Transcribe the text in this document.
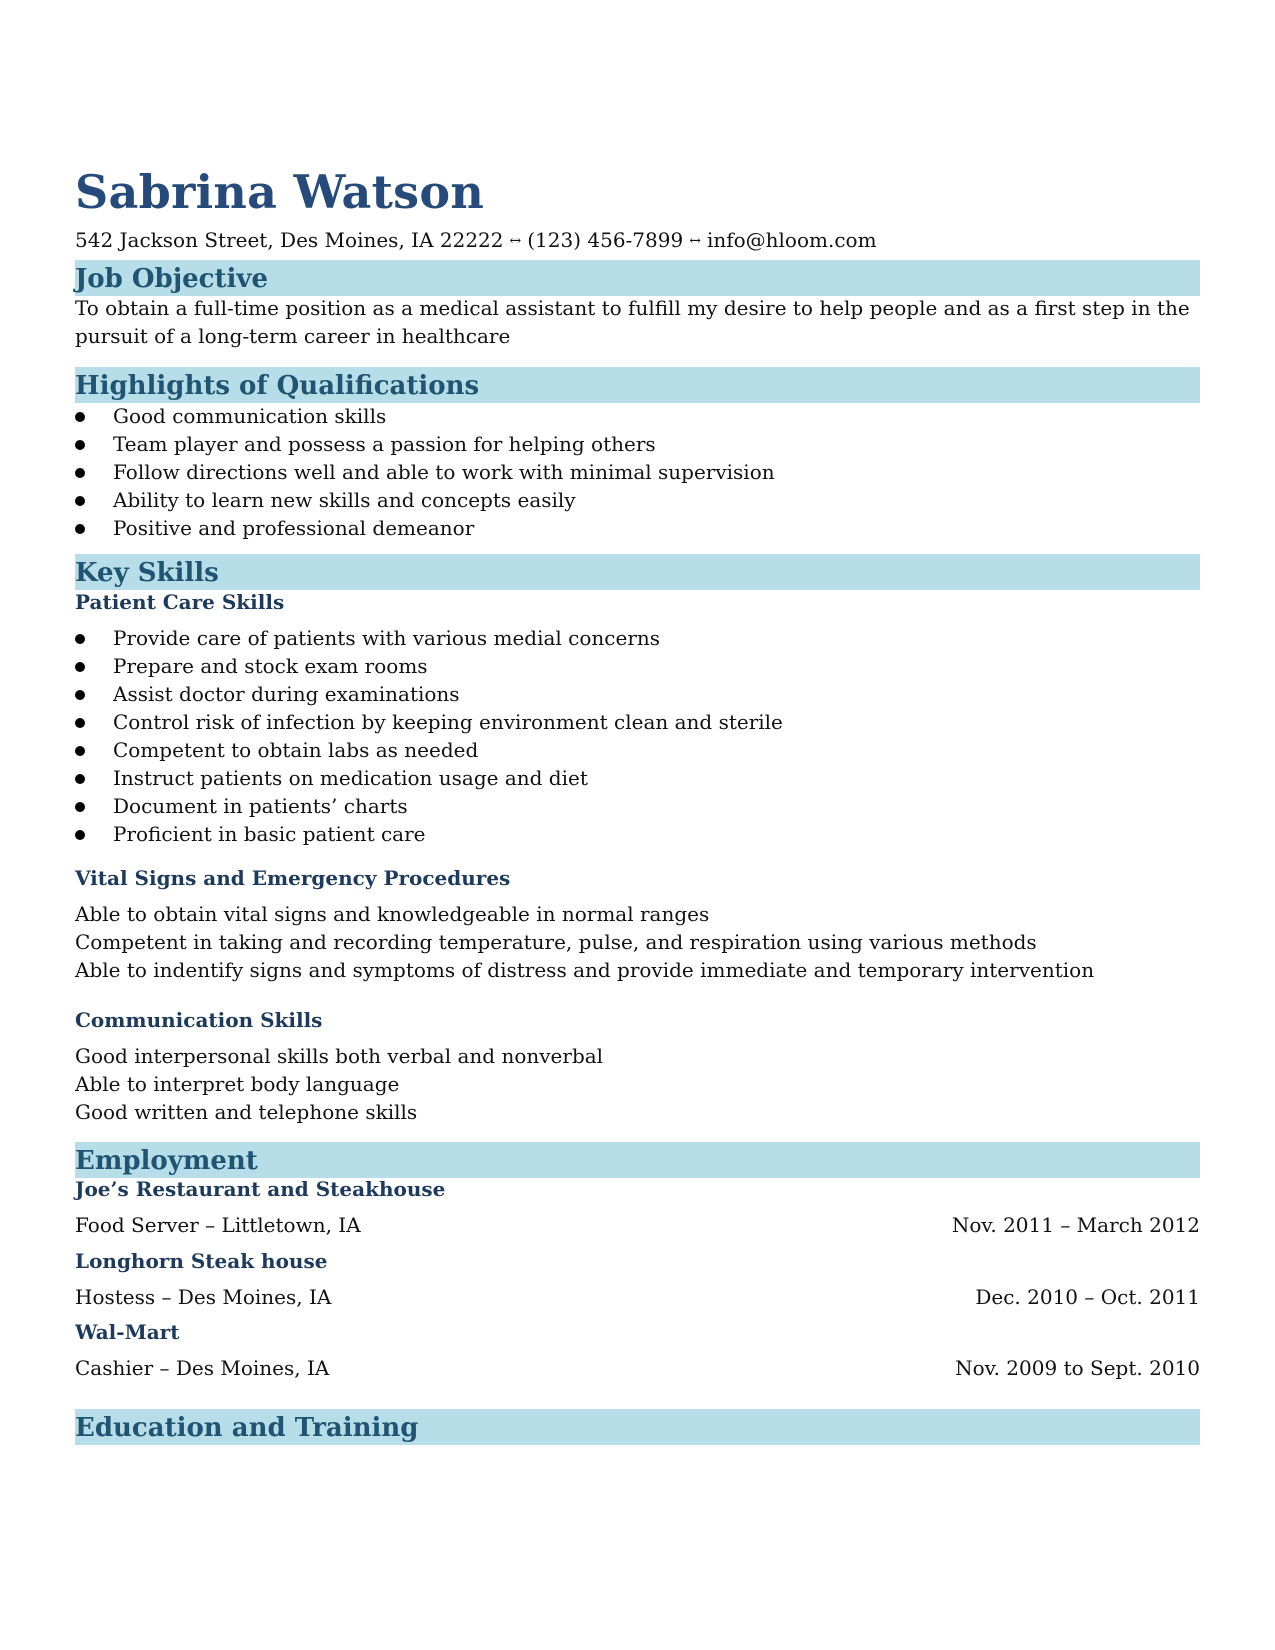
Sabrina Watson
542 Jackson Street, Des Moines, IA 22222 ↔ (123) 456-7899 ↔ info@hloom.com
Job Objective

To obtain a full-time position as a medical assistant to fulfill my desire to help people and as a first step in the pursuit of a long-term career in healthcare

Highlights of Qualifications
Good communication skills
Team player and possess a passion for helping others
Follow directions well and able to work with minimal supervision
Ability to learn new skills and concepts easily
Positive and professional demeanor
Key Skills
Patient Care Skills
Provide care of patients with various medial concerns
Prepare and stock exam rooms
Assist doctor during examinations
Control risk of infection by keeping environment clean and sterile
Competent to obtain labs as needed
Instruct patients on medication usage and diet
Document in patients’ charts
Proficient in basic patient care
Vital Signs and Emergency Procedures
Able to obtain vital signs and knowledgeable in normal ranges
Competent in taking and recording temperature, pulse, and respiration using various methods
Able to indentify signs and symptoms of distress and provide immediate and temporary intervention
Communication Skills
Good interpersonal skills both verbal and nonverbal
Able to interpret body language
Good written and telephone skills
Employment
Joe’s Restaurant and Steakhouse
Food Server – Littletown, IA	Nov. 2011 – March 2012
Longhorn Steak house
Hostess – Des Moines, IA	Dec. 2010 – Oct. 2011
Wal-Mart
Cashier – Des Moines, IA	Nov. 2009 to Sept. 2010
Education and Training
